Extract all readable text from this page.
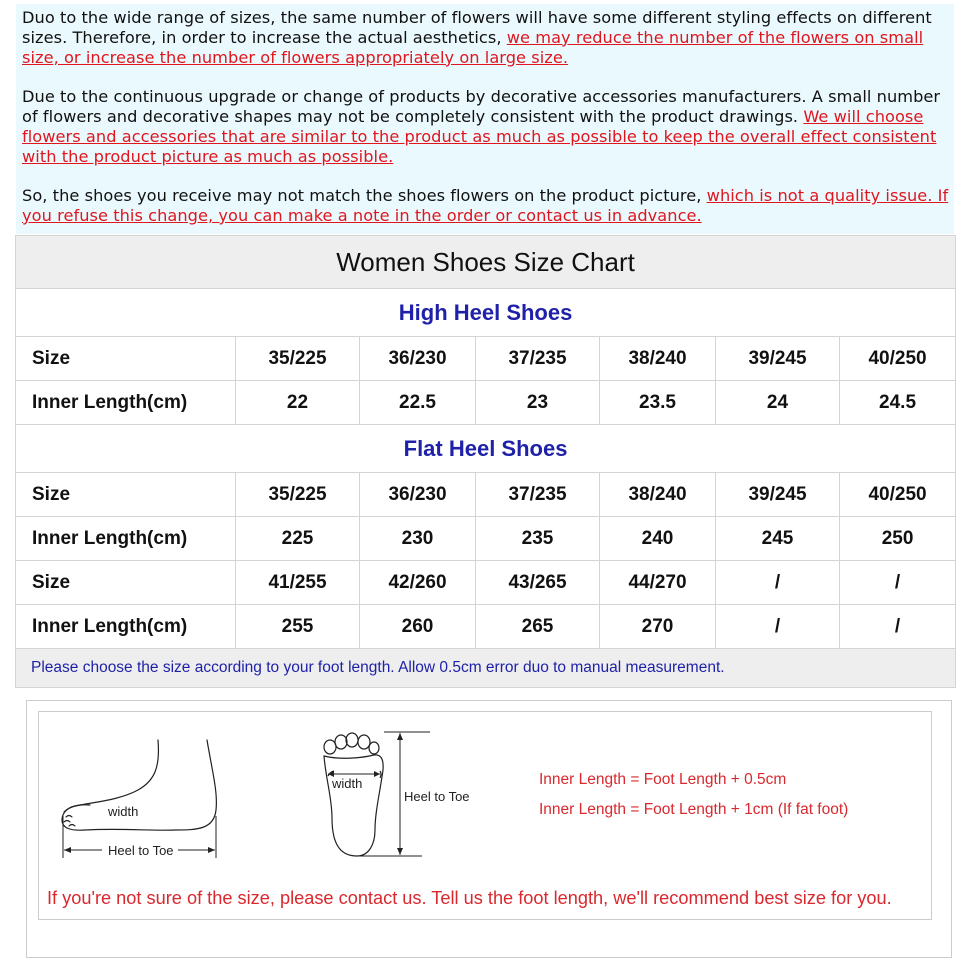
Duo to the wide range of sizes, the same number of flowers will have some different styling effects on different sizes. Therefore, in order to increase the actual aesthetics, we may reduce the number of the flowers on small size, or increase the number of flowers appropriately on large size.

Due to the continuous upgrade or change of products by decorative accessories manufacturers. A small number of flowers and decorative shapes may not be completely consistent with the product drawings. We will choose flowers and accessories that are similar to the product as much as possible to keep the overall effect consistent with the product picture as much as possible.

So, the shoes you receive may not match the shoes flowers on the product picture, which is not a quality issue. If you refuse this change, you can make a note in the order or contact us in advance.

Women Shoes Size Chart						
High Heel Shoes						
Size	35/225	36/230	37/235	38/240	39/245	40/250
Inner Length(cm)	22	22.5	23	23.5	24	24.5
Flat Heel Shoes						
Size	35/225	36/230	37/235	38/240	39/245	40/250
Inner Length(cm)	225	230	235	240	245	250
Size	41/255	42/260	43/265	44/270	/	/
Inner Length(cm)	255	260	265	270	/	/
Please choose the size according to your foot length. Allow 0.5cm error duo to manual measurement.						
width
Heel to Toe
width
Heel to Toe
Inner Length = Foot Length + 0.5cm
Inner Length = Foot Length + 1cm (If fat foot)
If you're not sure of the size, please contact us. Tell us the foot length, we'll recommend best size for you.
